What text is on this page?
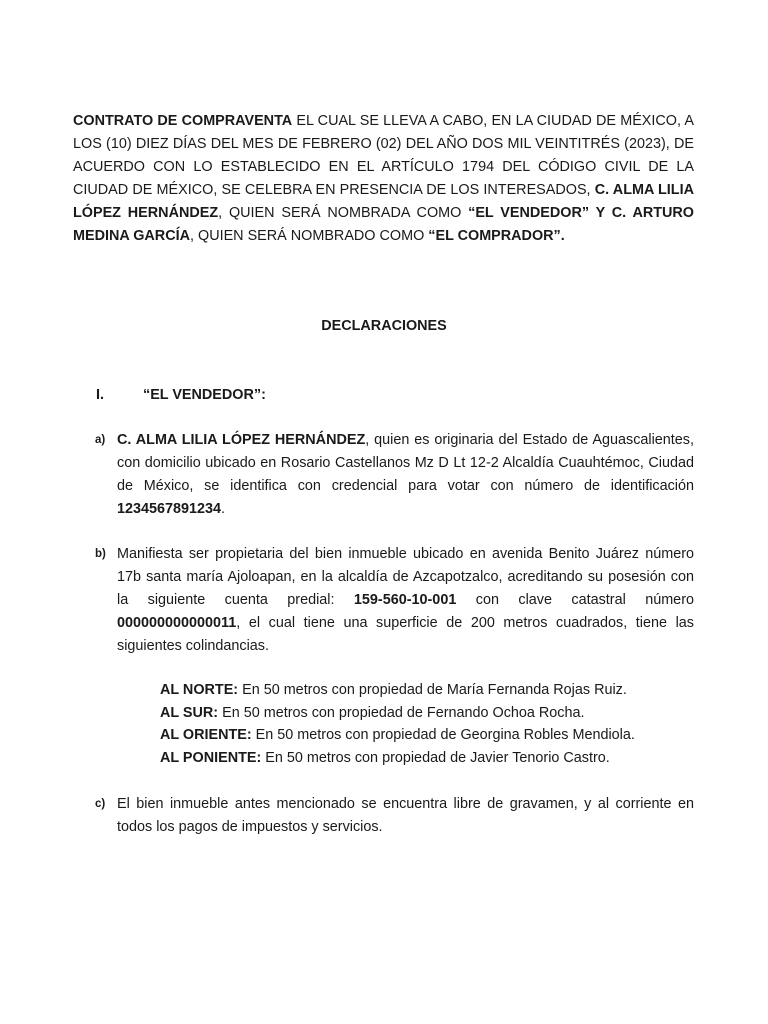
CONTRATO DE COMPRAVENTA EL CUAL SE LLEVA A CABO, EN LA CIUDAD DE MÉXICO, A LOS (10) DIEZ DÍAS DEL MES DE FEBRERO (02) DEL AÑO DOS MIL VEINTITRÉS (2023), DE ACUERDO CON LO ESTABLECIDO EN EL ARTÍCULO 1794 DEL CÓDIGO CIVIL DE LA CIUDAD DE MÉXICO, SE CELEBRA EN PRESENCIA DE LOS INTERESADOS, C. ALMA LILIA LÓPEZ HERNÁNDEZ, QUIEN SERÁ NOMBRADA COMO “EL VENDEDOR” Y C. ARTURO MEDINA GARCÍA, QUIEN SERÁ NOMBRADO COMO “EL COMPRADOR”.

DECLARACIONES

I.	“EL VENDEDOR”:
a) C. ALMA LILIA LÓPEZ HERNÁNDEZ, quien es originaria del Estado de Aguascalientes, con domicilio ubicado en Rosario Castellanos Mz D Lt 12-2 Alcaldía Cuauhtémoc, Ciudad de México, se identifica con credencial para votar con número de identificación 1234567891234.

b) Manifiesta ser propietaria del bien inmueble ubicado en avenida Benito Juárez número 17b santa maría Ajoloapan, en la alcaldía de Azcapotzalco, acreditando su posesión con la siguiente cuenta predial: 159-560-10-001 con clave catastral número 000000000000011, el cual tiene una superficie de 200 metros cuadrados, tiene las siguientes colindancias.

AL NORTE: En 50 metros con propiedad de María Fernanda Rojas Ruiz.
AL SUR: En 50 metros con propiedad de Fernando Ochoa Rocha.
AL ORIENTE: En 50 metros con propiedad de Georgina Robles Mendiola.
AL PONIENTE: En 50 metros con propiedad de Javier Tenorio Castro.
c) El bien inmueble antes mencionado se encuentra libre de gravamen, y al corriente en todos los pagos de impuestos y servicios.
